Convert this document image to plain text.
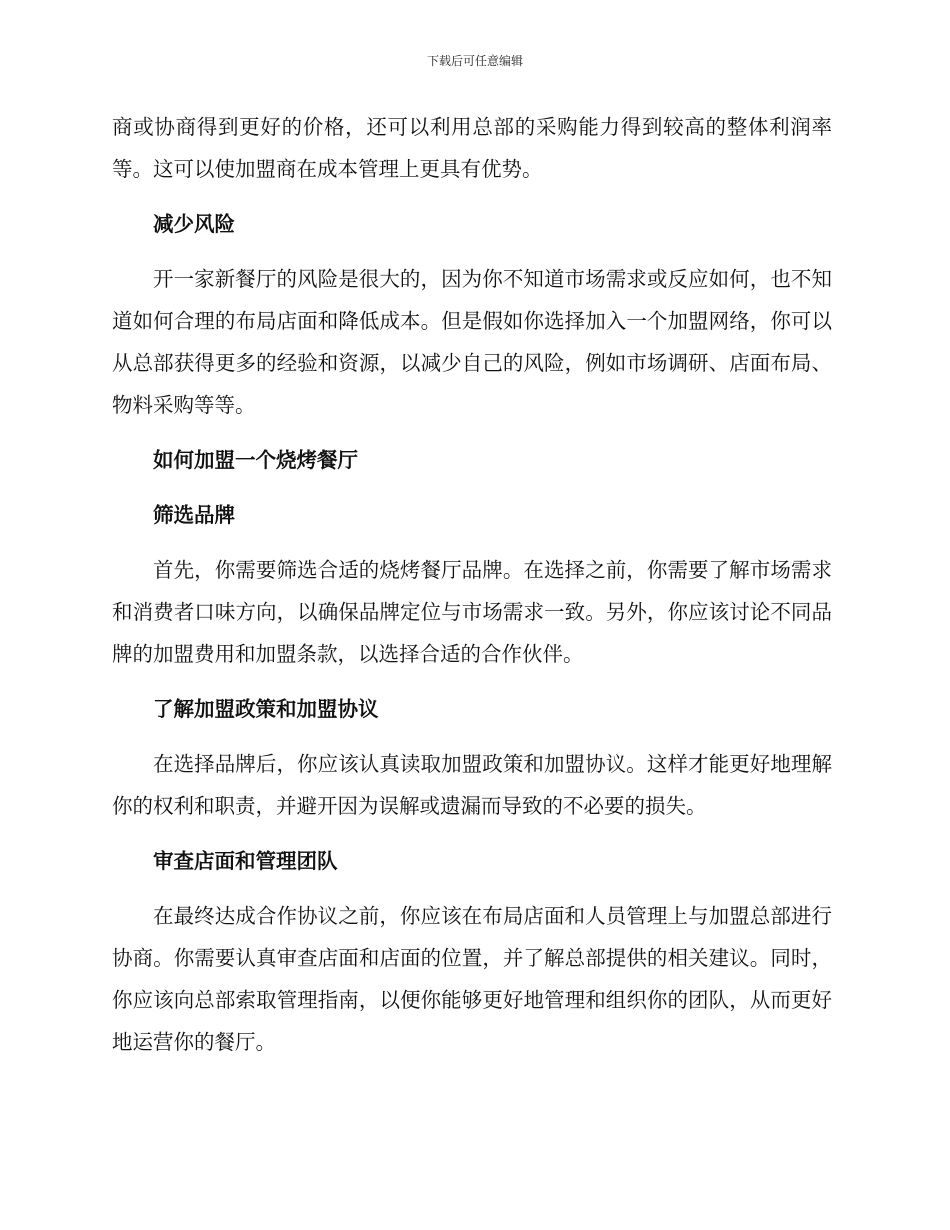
下载后可任意编辑

商或协商得到更好的价格，还可以利用总部的采购能力得到较高的整体利润率等。这可以使加盟商在成本管理上更具有优势。

减少风险

开一家新餐厅的风险是很大的，因为你不知道市场需求或反应如何，也不知道如何合理的布局店面和降低成本。但是假如你选择加入一个加盟网络，你可以从总部获得更多的经验和资源，以减少自己的风险，例如市场调研、店面布局、物料采购等等。

如何加盟一个烧烤餐厅

筛选品牌

首先，你需要筛选合适的烧烤餐厅品牌。在选择之前，你需要了解市场需求和消费者口味方向，以确保品牌定位与市场需求一致。另外，你应该讨论不同品牌的加盟费用和加盟条款，以选择合适的合作伙伴。

了解加盟政策和加盟协议

在选择品牌后，你应该认真读取加盟政策和加盟协议。这样才能更好地理解你的权利和职责，并避开因为误解或遗漏而导致的不必要的损失。

审查店面和管理团队

在最终达成合作协议之前，你应该在布局店面和人员管理上与加盟总部进行协商。你需要认真审查店面和店面的位置，并了解总部提供的相关建议。同时，你应该向总部索取管理指南，以便你能够更好地管理和组织你的团队，从而更好地运营你的餐厅。
